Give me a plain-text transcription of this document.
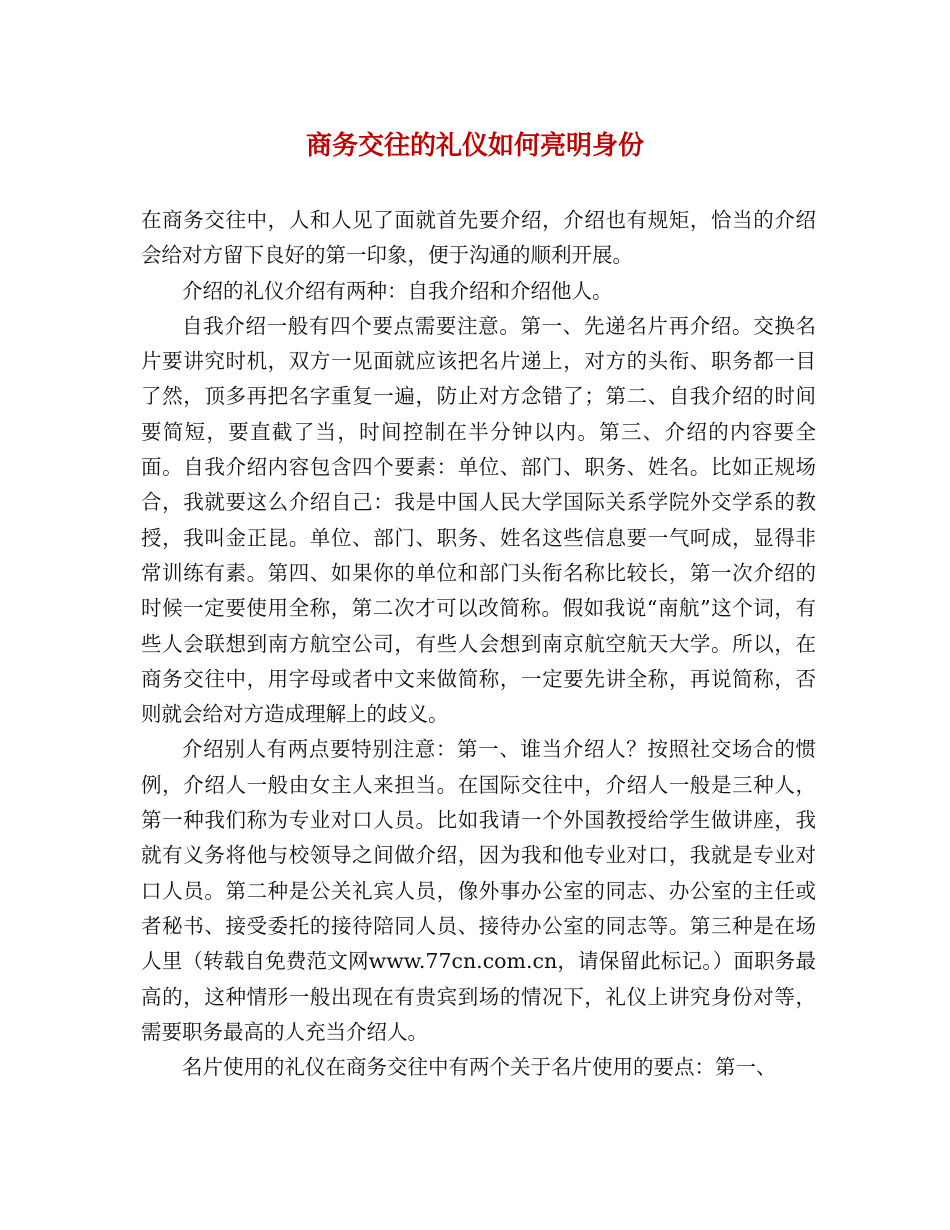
商务交往的礼仪如何亮明身份

在商务交往中，人和人见了面就首先要介绍，介绍也有规矩，恰当的介绍会给对方留下良好的第一印象，便于沟通的顺利开展。

介绍的礼仪介绍有两种：自我介绍和介绍他人。

自我介绍一般有四个要点需要注意。第一、先递名片再介绍。交换名片要讲究时机，双方一见面就应该把名片递上，对方的头衔、职务都一目了然，顶多再把名字重复一遍，防止对方念错了；第二、自我介绍的时间要简短，要直截了当，时间控制在半分钟以内。第三、介绍的内容要全面。自我介绍内容包含四个要素：单位、部门、职务、姓名。比如正规场合，我就要这么介绍自己：我是中国人民大学国际关系学院外交学系的教授，我叫金正昆。单位、部门、职务、姓名这些信息要一气呵成，显得非常训练有素。第四、如果你的单位和部门头衔名称比较长，第一次介绍的时候一定要使用全称，第二次才可以改简称。假如我说“南航”这个词，有些人会联想到南方航空公司，有些人会想到南京航空航天大学。所以，在商务交往中，用字母或者中文来做简称，一定要先讲全称，再说简称，否则就会给对方造成理解上的歧义。

介绍别人有两点要特别注意：第一、谁当介绍人？按照社交场合的惯例，介绍人一般由女主人来担当。在国际交往中，介绍人一般是三种人，第一种我们称为专业对口人员。比如我请一个外国教授给学生做讲座，我就有义务将他与校领导之间做介绍，因为我和他专业对口，我就是专业对口人员。第二种是公关礼宾人员，像外事办公室的同志、办公室的主任或者秘书、接受委托的接待陪同人员、接待办公室的同志等。第三种是在场人里（转载自免费范文网www.77cn.com.cn，请保留此标记。）面职务最高的，这种情形一般出现在有贵宾到场的情况下，礼仪上讲究身份对等，需要职务最高的人充当介绍人。

名片使用的礼仪在商务交往中有两个关于名片使用的要点：第一、
